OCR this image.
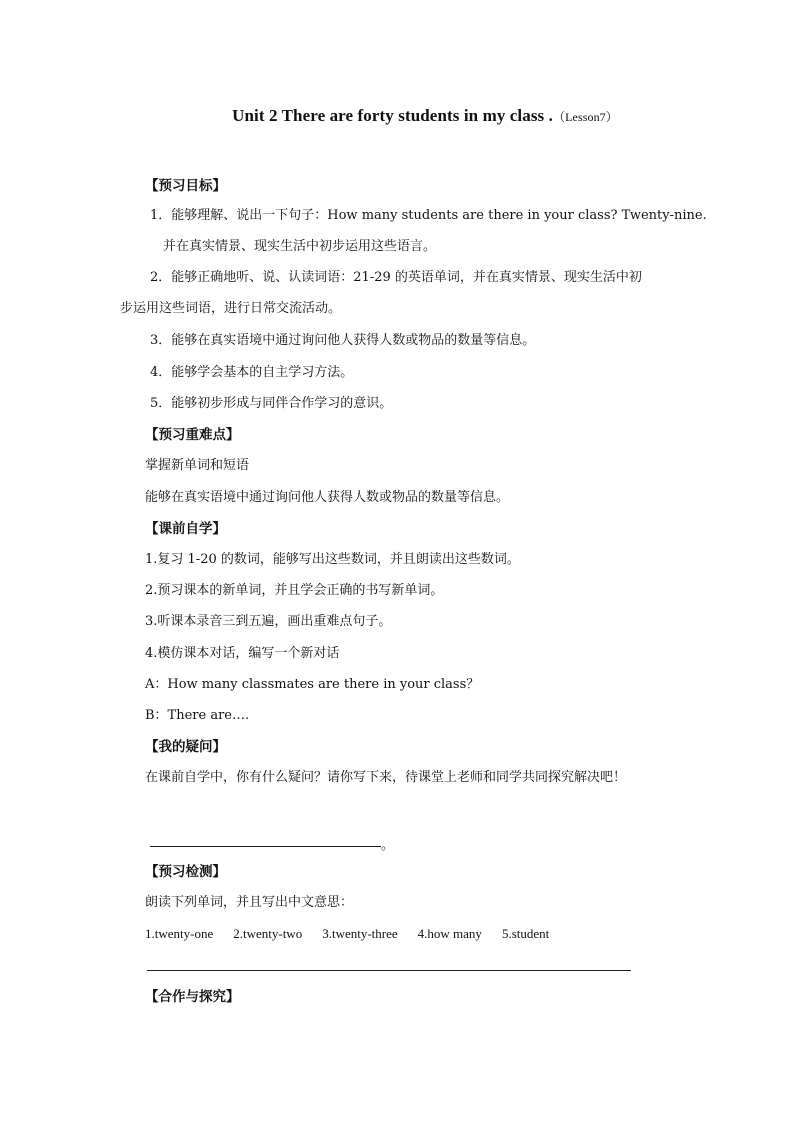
Unit 2 There are forty students in my class .（Lesson7）
【预习目标】
1．能够理解、说出一下句子：How many students are there in your class? Twenty-nine.
并在真实情景、现实生活中初步运用这些语言。
2．能够正确地听、说、认读词语：21-29 的英语单词，并在真实情景、现实生活中初
步运用这些词语，进行日常交流活动。
3．能够在真实语境中通过询问他人获得人数或物品的数量等信息。
4．能够学会基本的自主学习方法。
5．能够初步形成与同伴合作学习的意识。
【预习重难点】
掌握新单词和短语
能够在真实语境中通过询问他人获得人数或物品的数量等信息。
【课前自学】
1.复习 1-20 的数词，能够写出这些数词，并且朗读出这些数词。
2.预习课本的新单词，并且学会正确的书写新单词。
3.听课本录音三到五遍，画出重难点句子。
4.模仿课本对话，编写一个新对话
A：How many classmates are there in your class？
B：There are….
【我的疑问】
在课前自学中，你有什么疑问？请你写下来，待课堂上老师和同学共同探究解决吧！
。
【预习检测】
朗读下列单词，并且写出中文意思：
1.twenty-one 2.twenty-two 3.twenty-three 4.how many 5.student
【合作与探究】
